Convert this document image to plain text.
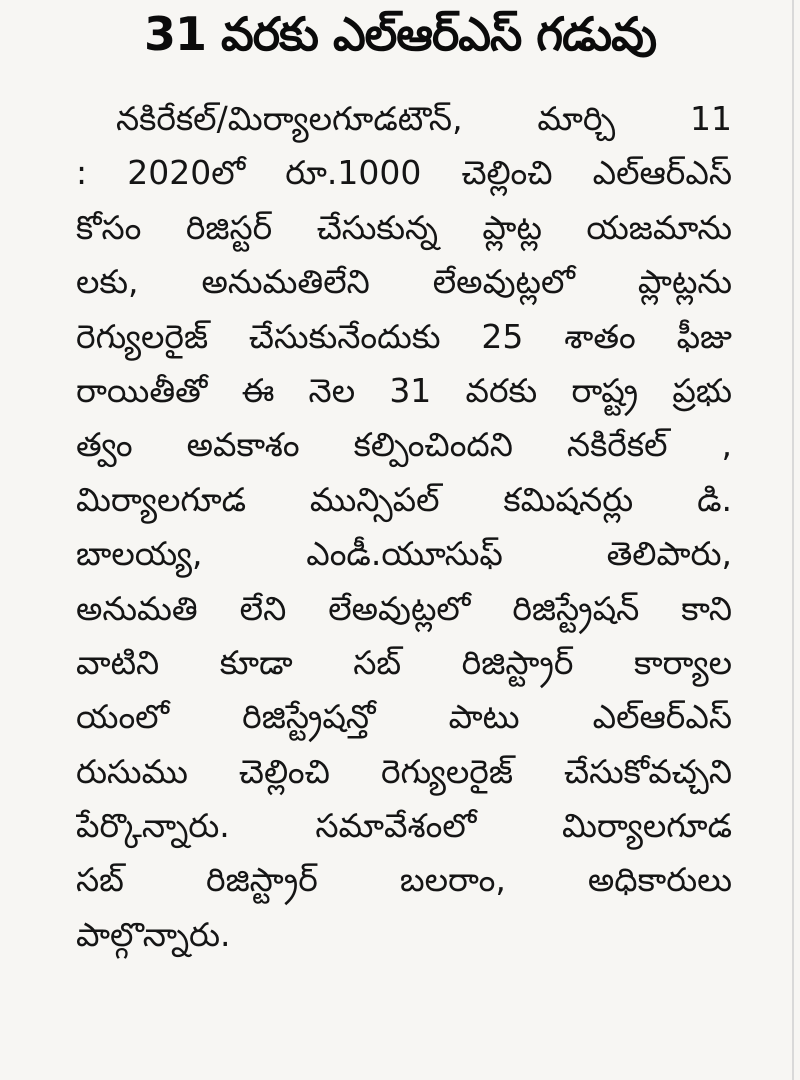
31 వరకు ఎల్ఆర్ఎస్ గడువు
నకిరేకల్/మిర్యాలగూడటౌన్, మార్చి 11
: 2020లో రూ.1000 చెల్లించి ఎల్ఆర్ఎస్
కోసం రిజిస్టర్ చేసుకున్న ప్లాట్ల యజమాను
లకు, అనుమతిలేని లేఅవుట్లలో ప్లాట్లను
రెగ్యులరైజ్ చేసుకునేందుకు 25 శాతం ఫీజు
రాయితీతో ఈ నెల 31 వరకు రాష్ట్ర ప్రభు
త్వం అవకాశం కల్పించిందని నకిరేకల్ ,
మిర్యాలగూడ మున్సిపల్ కమిషనర్లు డి.
బాలయ్య, ఎండీ.యూసుఫ్ తెలిపారు,
అనుమతి లేని లేఅవుట్లలో రిజిస్ట్రేషన్ కాని
వాటిని కూడా సబ్ రిజిస్ట్రార్ కార్యాల
యంలో రిజిస్ట్రేషన్తో పాటు ఎల్ఆర్ఎస్
రుసుము చెల్లించి రెగ్యులరైజ్ చేసుకోవచ్చని
పేర్కొన్నారు. సమావేశంలో మిర్యాలగూడ
సబ్ రిజిస్ట్రార్ బలరాం, అధికారులు
పాల్గొన్నారు.
